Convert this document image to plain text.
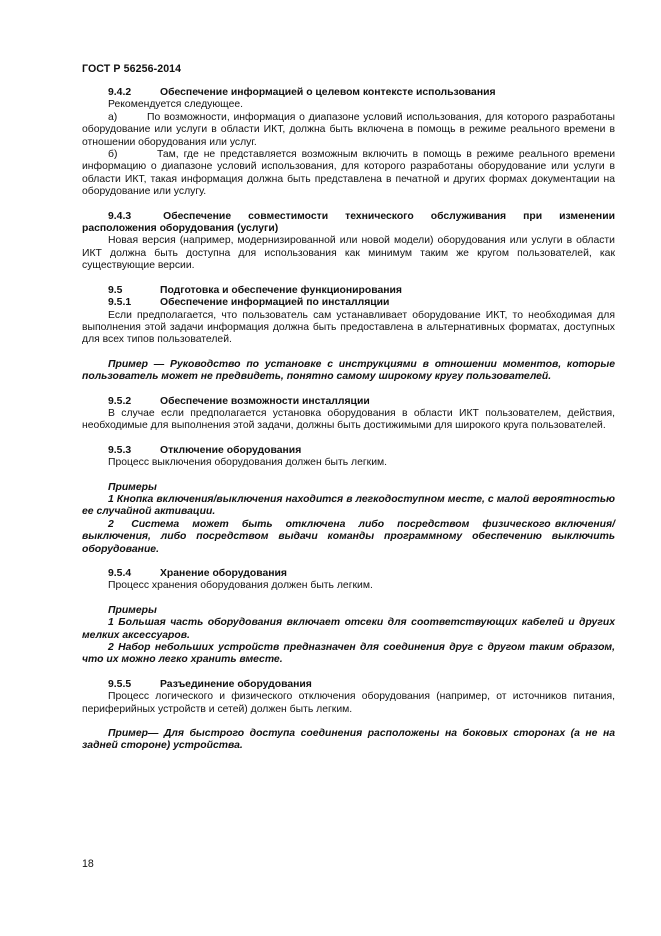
ГОСТ Р 56256-2014
9.4.2	Обеспечение информацией о целевом контексте использования

Рекомендуется следующее.

а)        По возможности, информация о диапазоне условий использования, для которого разработаны оборудование или услуги в области ИКТ, должна быть включена в помощь в режиме реального времени в отношении оборудования или услуг.

б)        Там, где не представляется возможным включить в помощь в режиме реального времени информацию о диапазоне условий использования, для которого разработаны оборудование или услуги в области ИКТ, такая информация должна быть представлена в печатной и других формах документации на оборудование или услугу.

9.4.3	Обеспечение совместимости технического обслуживания при изменении расположения оборудования (услуги)

Новая версия (например, модернизированной или новой модели) оборудования или услуги в области ИКТ должна быть доступна для использования как минимум таким же кругом пользователей, как существующие версии.

9.5	Подготовка и обеспечение функционирования
9.5.1	Обеспечение информацией по инсталляции

Если предполагается, что пользователь сам устанавливает оборудование ИКТ, то необходимая для выполнения этой задачи информация должна быть предоставлена в альтернативных форматах, доступных для всех типов пользователей.

Пример — Руководство по установке с инструкциями в отношении моментов, которые пользователь может не предвидеть, понятно самому широкому кругу пользователей.

9.5.2	Обеспечение возможности инсталляции

В случае если предполагается установка оборудования в области ИКТ пользователем, действия, необходимые для выполнения этой задачи, должны быть достижимыми для широкого круга пользователей.

9.5.3	Отключение оборудования

Процесс выключения оборудования должен быть легким.

Примеры

1 Кнопка включения/выключения находится в легкодоступном месте, с малой вероятностью ее случайной активации.

2    Система   может   быть   отключена   либо   посредством   физического включения/выключения, либо посредством выдачи команды программному обеспечению выключить оборудование.

9.5.4	Хранение оборудования

Процесс хранения оборудования должен быть легким.

Примеры

1 Большая часть оборудования включает отсеки для соответствующих кабелей и других мелких аксессуаров.

2 Набор небольших устройств предназначен для соединения друг с другом таким образом, что их можно легко хранить вместе.

9.5.5	Разъединение оборудования

Процесс логического и физического отключения оборудования (например, от источников питания, периферийных устройств и сетей) должен быть легким.

Пример— Для быстрого доступа соединения расположены на боковых сторонах (а не на задней стороне) устройства.

18
